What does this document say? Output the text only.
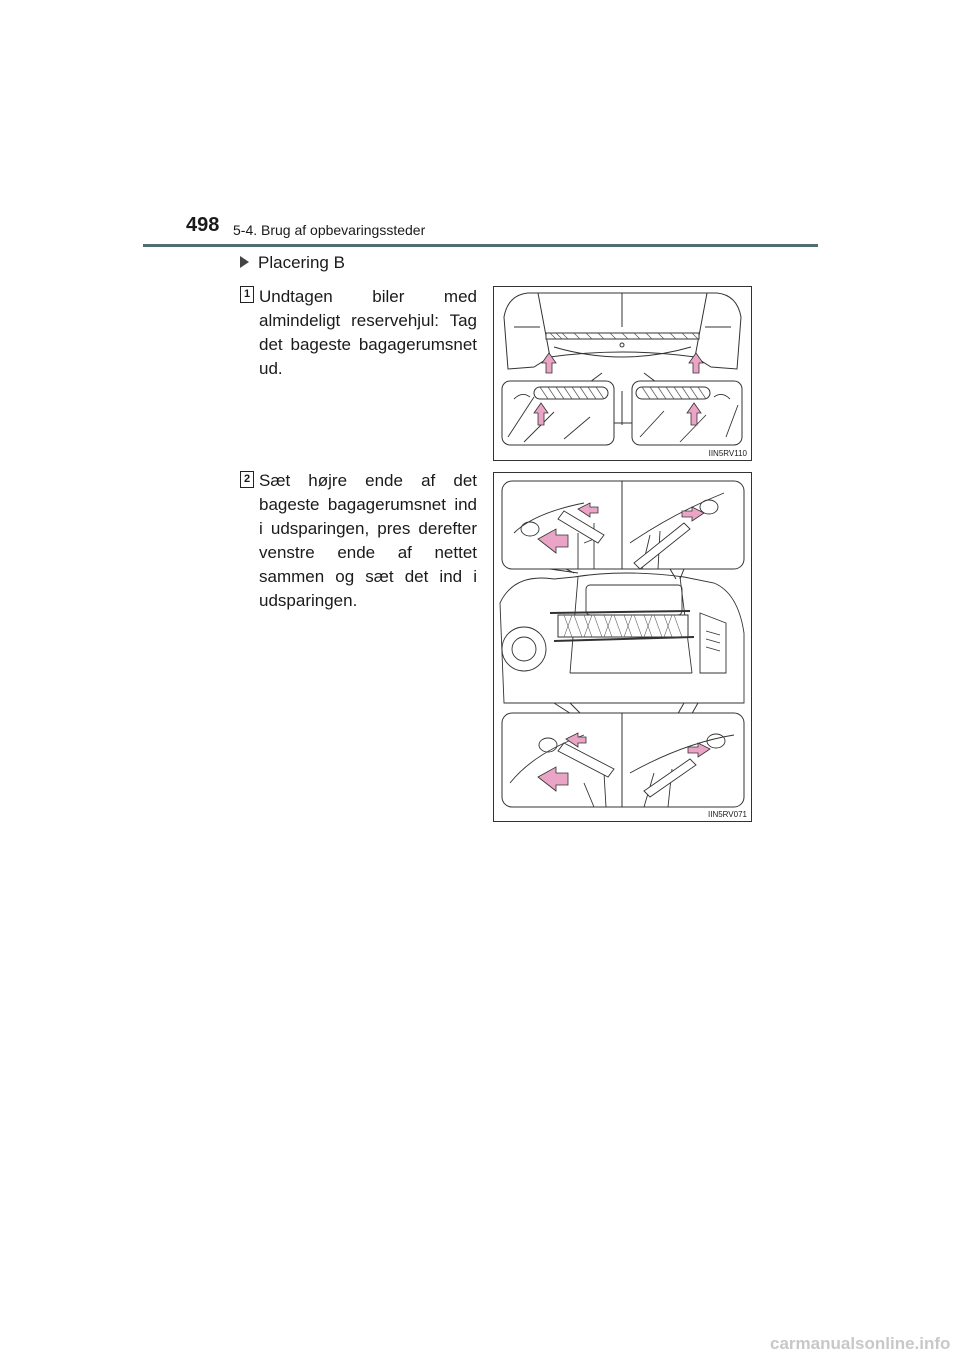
498 5-4. Brug af opbevaringssteder
Placering B
1 Undtagen biler med almindeligt reservehjul: Tag det bageste bagagerumsnet ud.
IIN5RV110
2 Sæt højre ende af det bageste bagagerumsnet ind i udsparingen, pres derefter venstre ende af nettet sammen og sæt det ind i udsparingen.
IIN5RV071
carmanualsonline.info
